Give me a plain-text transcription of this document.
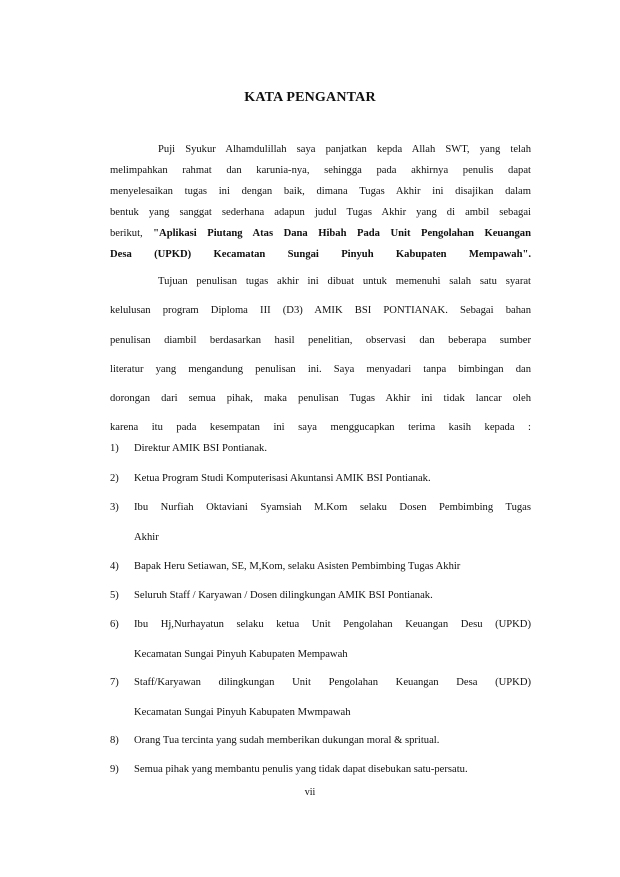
KATA PENGANTAR
Puji Syukur Alhamdulillah saya panjatkan kepda Allah SWT, yang telah
melimpahkan rahmat dan karunia-nya, sehingga pada akhirnya penulis dapat
menyelesaikan tugas ini dengan baik, dimana Tugas Akhir ini disajikan dalam
bentuk yang sanggat sederhana adapun judul Tugas Akhir yang di ambil sebagai
berikut, "Aplikasi Piutang Atas Dana Hibah Pada Unit Pengolahan Keuangan
Desa (UPKD) Kecamatan Sungai Pinyuh Kabupaten Mempawah".
Tujuan penulisan tugas akhir ini dibuat untuk memenuhi salah satu syarat
kelulusan program Diploma III (D3) AMIK BSI PONTIANAK. Sebagai bahan
penulisan diambil berdasarkan hasil penelitian, observasi dan beberapa sumber
literatur yang mengandung penulisan ini. Saya menyadari tanpa bimbingan dan
dorongan dari semua pihak, maka penulisan Tugas Akhir ini tidak lancar oleh
karena itu pada kesempatan ini saya menggucapkan terima kasih kepada :
1)	Direktur AMIK BSI Pontianak.
2)	Ketua Program Studi Komputerisasi Akuntansi AMIK BSI Pontianak.
3)	Ibu Nurfiah Oktaviani Syamsiah M.Kom selaku Dosen Pembimbing Tugas
Akhir
4)	Bapak Heru Setiawan, SE, M,Kom, selaku Asisten Pembimbing Tugas Akhir
5)	Seluruh Staff / Karyawan / Dosen dilingkungan AMIK BSI Pontianak.
6)	Ibu Hj,Nurhayatun selaku ketua Unit Pengolahan Keuangan Desu (UPKD)
Kecamatan Sungai Pinyuh Kabupaten Mempawah
7)	Staff/Karyawan dilingkungan Unit Pengolahan Keuangan Desa (UPKD)
Kecamatan Sungai Pinyuh Kabupaten Mwmpawah
8)	Orang Tua tercinta yang sudah memberikan dukungan moral & spritual.
9)	Semua pihak yang membantu penulis yang tidak dapat disebukan satu-persatu.
vii
